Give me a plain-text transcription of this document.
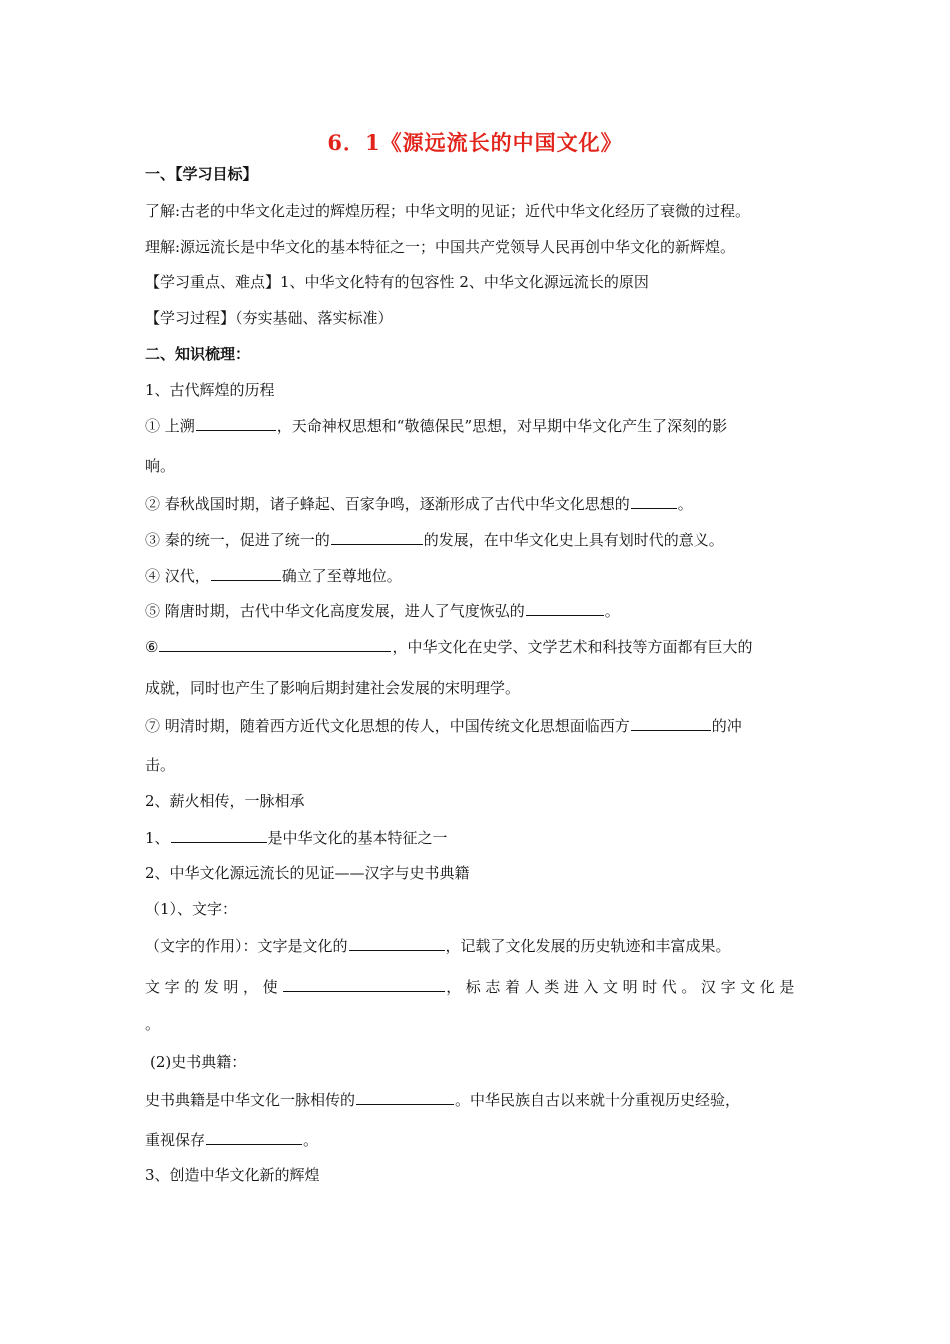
6．1《源远流长的中国文化》
一、【学习目标】
了解:古老的中华文化走过的辉煌历程；中华文明的见证；近代中华文化经历了衰微的过程。
理解:源远流长是中华文化的基本特征之一；中国共产党领导人民再创中华文化的新辉煌。
【学习重点、难点】1、中华文化特有的包容性 2、中华文化源远流长的原因
【学习过程】（夯实基础、落实标准）
二、知识梳理：
1、古代辉煌的历程
① 上溯	，天命神权思想和“敬德保民”思想，对早期中华文化产生了深刻的影
响。
② 春秋战国时期，诸子蜂起、百家争鸣，逐渐形成了古代中华文化思想的	。
③ 秦的统一，促进了统一的	的发展，在中华文化史上具有划时代的意义。
④ 汉代，	确立了至尊地位。
⑤ 隋唐时期，古代中华文化高度发展，进人了气度恢弘的	。
⑥	，中华文化在史学、文学艺术和科技等方面都有巨大的
成就，同时也产生了影响后期封建社会发展的宋明理学。
⑦ 明清时期，随着西方近代文化思想的传人，中国传统文化思想面临西方	的冲
击。
2、薪火相传，一脉相承
1、	是中华文化的基本特征之一
2、中华文化源远流长的见证——汉字与史书典籍
（1）、文字：
（文字的作用）：文字是文化的	，记载了文化发展的历史轨迹和丰富成果。
文字的发明，使	，标志着人类进入文明时代。汉字文化是
。
(2)史书典籍：
史书典籍是中华文化一脉相传的	。中华民族自古以来就十分重视历史经验，
重视保存	。
3、创造中华文化新的辉煌
